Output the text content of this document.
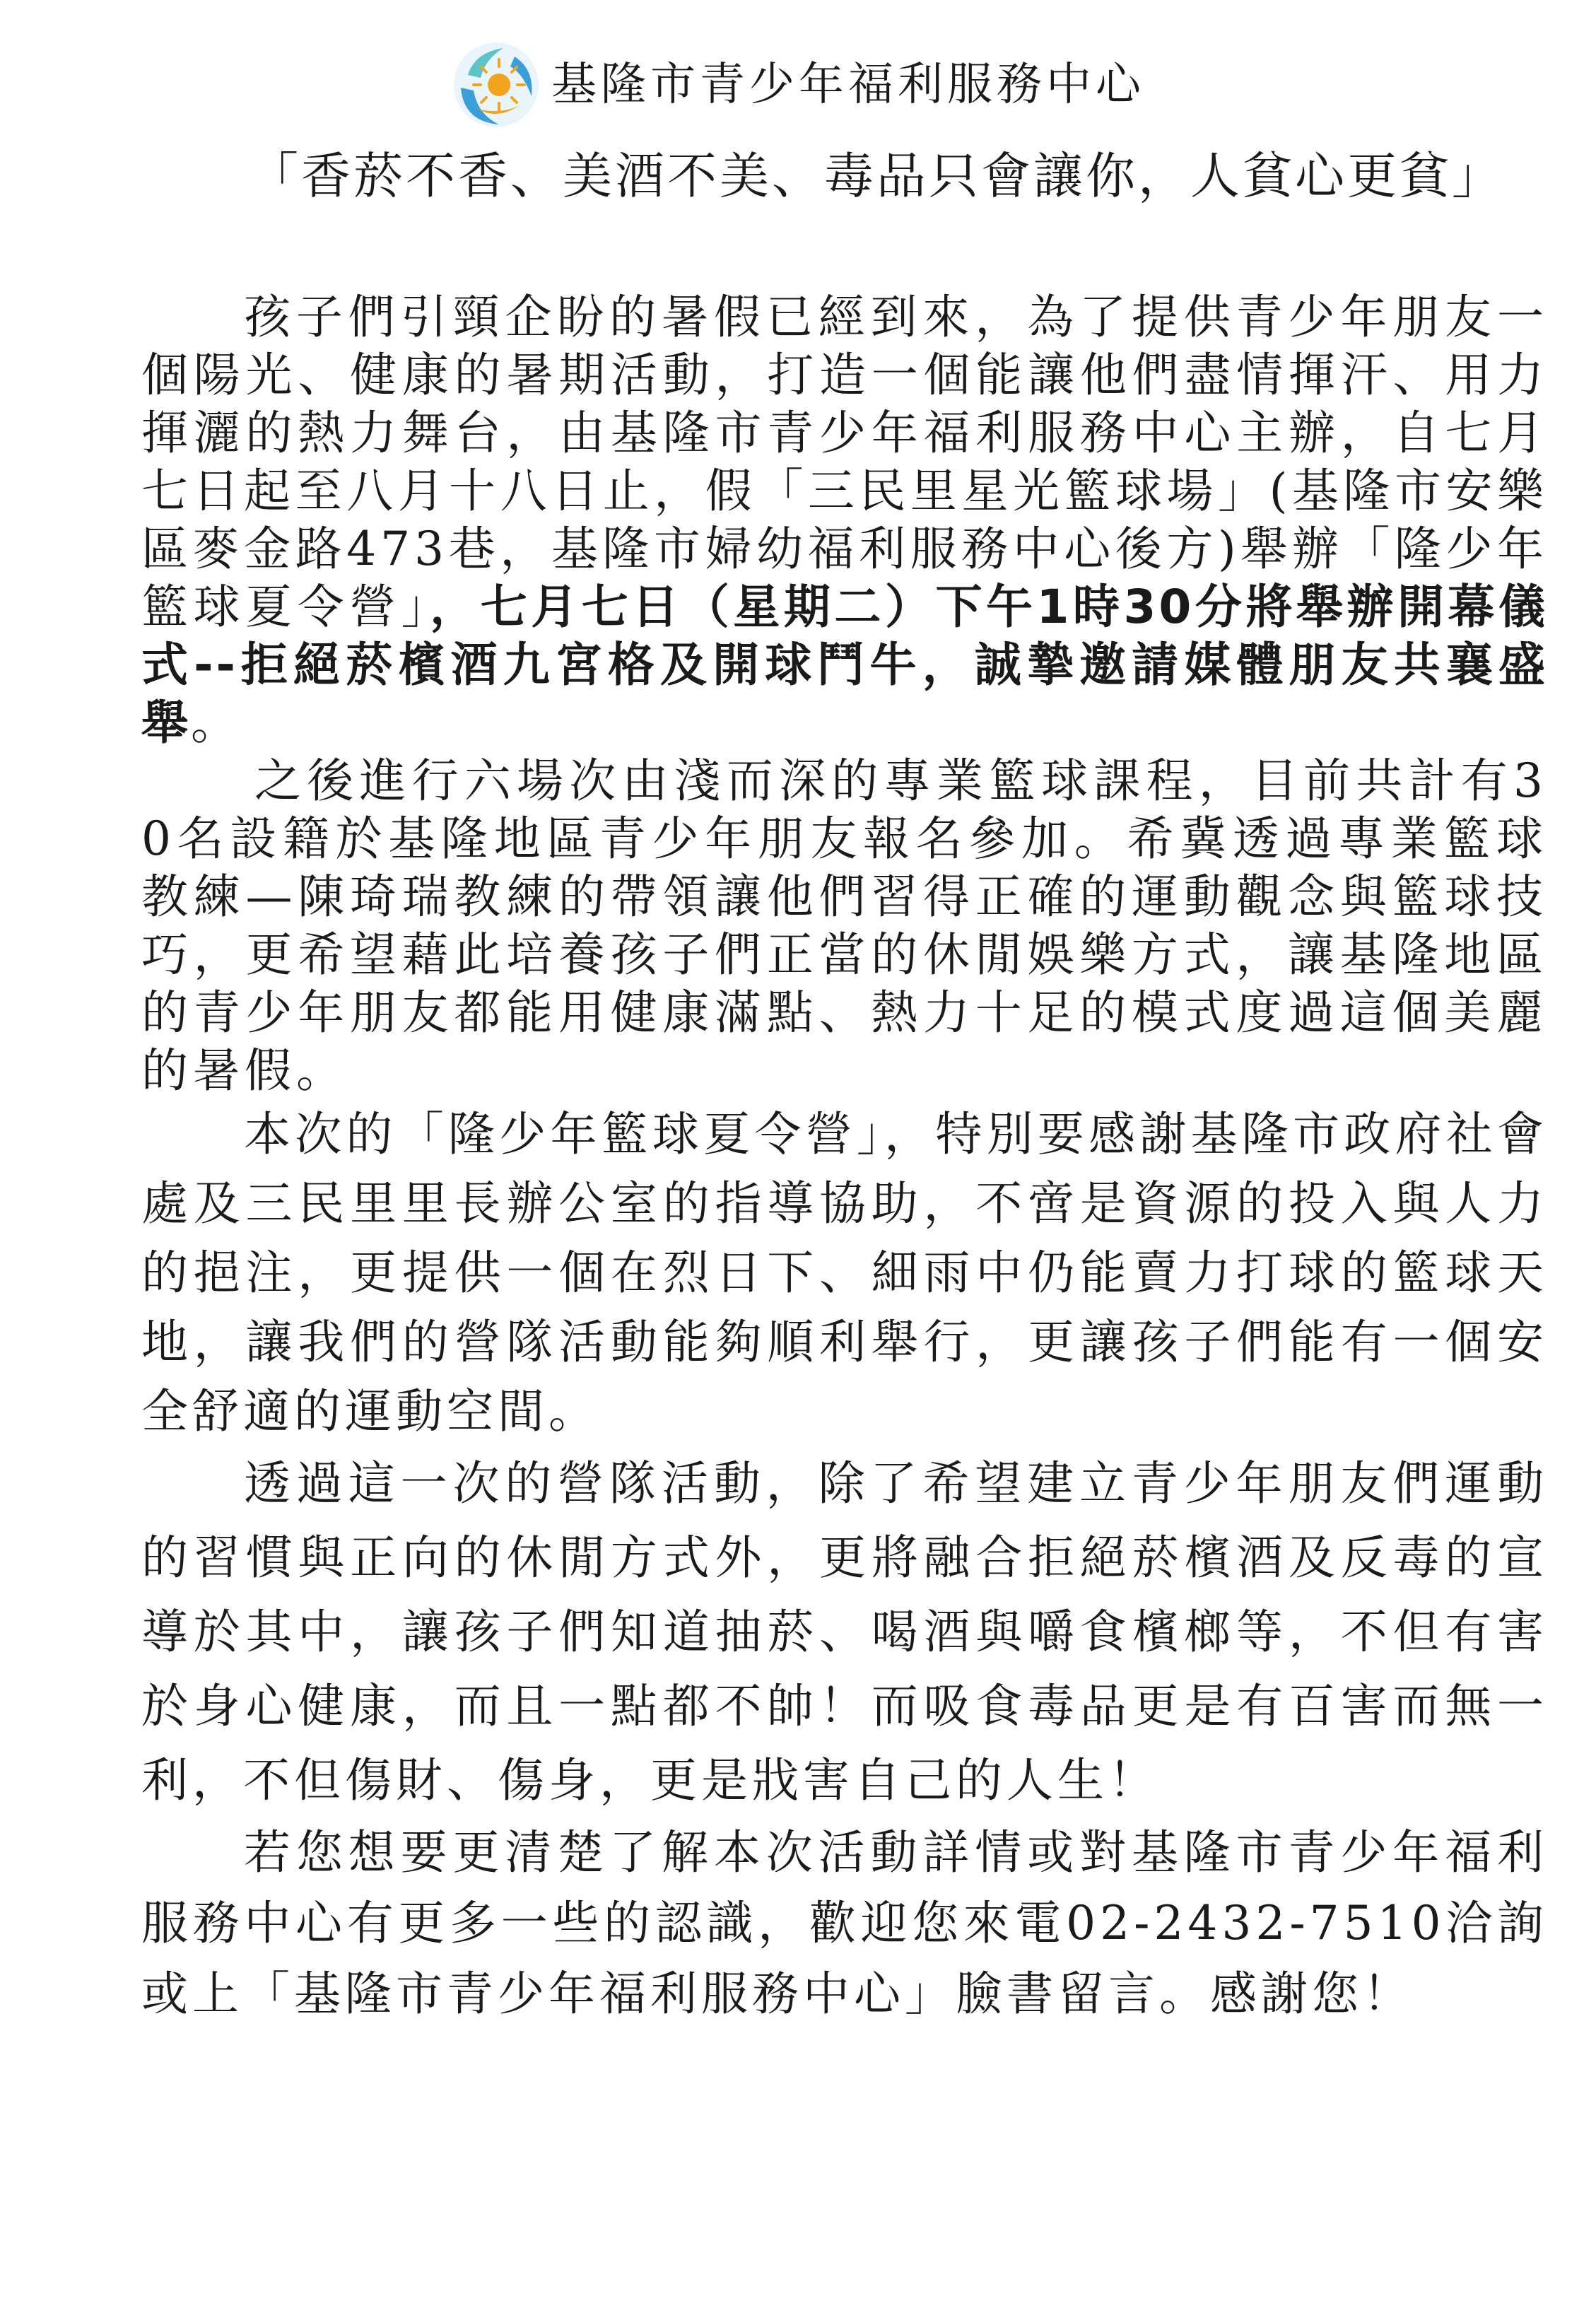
基隆市青少年福利服務中心
「香菸不香、美酒不美、毒品只會讓你，人貧心更貧」

孩子們引頸企盼的暑假已經到來，為了提供青少年朋友一個陽光、健康的暑期活動，打造一個能讓他們盡情揮汗、用力揮灑的熱力舞台，由基隆市青少年福利服務中心主辦，自七月七日起至八月十八日止，假「三民里星光籃球場」(基隆市安樂區麥金路473巷，基隆市婦幼福利服務中心後方)舉辦「隆少年籃球夏令營」，七月七日（星期二）下午1時30分將舉辦開幕儀式--拒絕菸檳酒九宮格及開球鬥牛，誠摯邀請媒體朋友共襄盛舉。

之後進行六場次由淺而深的專業籃球課程，目前共計有30名設籍於基隆地區青少年朋友報名參加。希冀透過專業籃球教練—陳琦瑞教練的帶領讓他們習得正確的運動觀念與籃球技巧，更希望藉此培養孩子們正當的休閒娛樂方式，讓基隆地區的青少年朋友都能用健康滿點、熱力十足的模式度過這個美麗的暑假。

本次的「隆少年籃球夏令營」，特別要感謝基隆市政府社會處及三民里里長辦公室的指導協助，不啻是資源的投入與人力的挹注，更提供一個在烈日下、細雨中仍能賣力打球的籃球天地，讓我們的營隊活動能夠順利舉行，更讓孩子們能有一個安全舒適的運動空間。

透過這一次的營隊活動，除了希望建立青少年朋友們運動的習慣與正向的休閒方式外，更將融合拒絕菸檳酒及反毒的宣導於其中，讓孩子們知道抽菸、喝酒與嚼食檳榔等，不但有害於身心健康，而且一點都不帥！而吸食毒品更是有百害而無一利，不但傷財、傷身，更是戕害自己的人生！

若您想要更清楚了解本次活動詳情或對基隆市青少年福利服務中心有更多一些的認識，歡迎您來電02-2432-7510洽詢或上「基隆市青少年福利服務中心」臉書留言。感謝您！
